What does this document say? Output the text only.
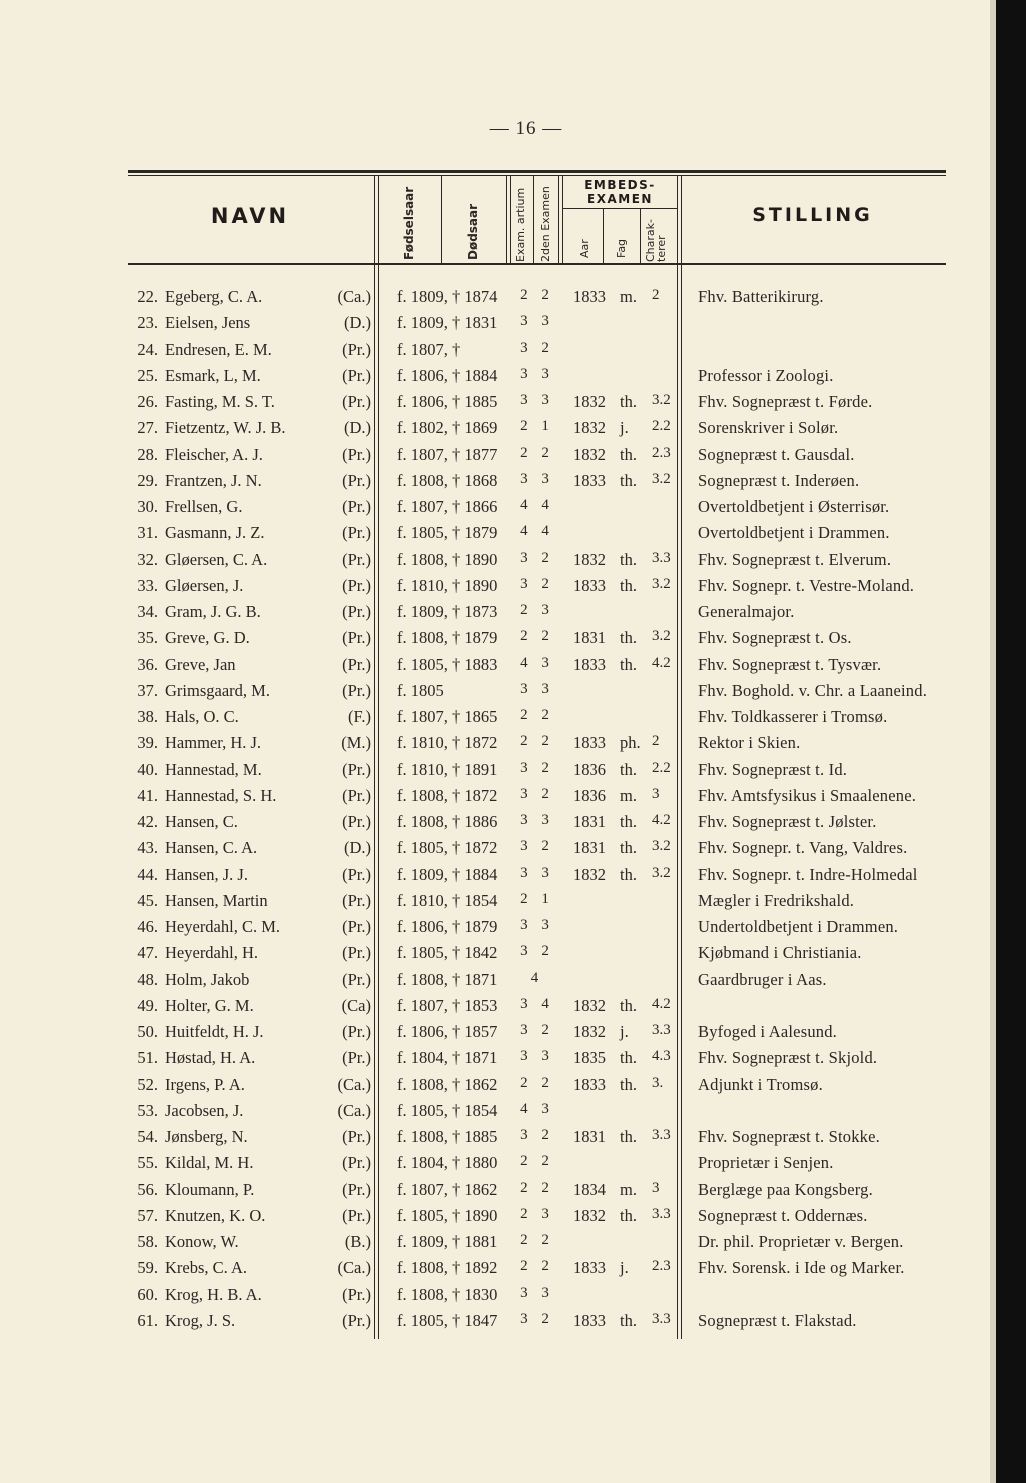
— 16 —
NAVN	STILLING
EMBEDS-EXAMEN
Fødselsaar	Dødsaar	Exam. artium 2den Examen Aar Fag Charak-terer
22. Egeberg, C. A.	(Ca.) f. 1809, † 1874 2 2 1833 m. 2 Fhv. Batterikirurg.
23. Eielsen, Jens	(D.) f. 1809, † 1831 3 3
24. Endresen, E. M.	(Pr.) f. 1807, †	3 2
25. Esmark, L, M.	(Pr.) f. 1806, † 1884 3 3	Professor i Zoologi.
26. Fasting, M. S. T.	(Pr.) f. 1806, † 1885 3 3 1832 th. 3.2 Fhv. Sognepræst t. Førde.
27. Fietzentz, W. J. B.	(D.) f. 1802, † 1869 2 1 1832 j. 2.2 Sorenskriver i Solør.
28. Fleischer, A. J.	(Pr.) f. 1807, † 1877 2 2 1832 th. 2.3 Sognepræst t. Gausdal.
29. Frantzen, J. N.	(Pr.) f. 1808, † 1868 3 3 1833 th. 3.2 Sognepræst t. Inderøen.
30. Frellsen, G.	(Pr.) f. 1807, † 1866 4 4	Overtoldbetjent i Østerrisør.
31. Gasmann, J. Z.	(Pr.) f. 1805, † 1879 4 4	Overtoldbetjent i Drammen.
32. Gløersen, C. A.	(Pr.) f. 1808, † 1890 3 2 1832 th. 3.3 Fhv. Sognepræst t. Elverum.
33. Gløersen, J.	(Pr.) f. 1810, † 1890 3 2 1833 th. 3.2 Fhv. Sognepr. t. Vestre-Moland.
34. Gram, J. G. B.	(Pr.) f. 1809, † 1873 2 3	Generalmajor.
35. Greve, G. D.	(Pr.) f. 1808, † 1879 2 2 1831 th. 3.2 Fhv. Sognepræst t. Os.
36. Greve, Jan	(Pr.) f. 1805, † 1883 4 3 1833 th. 4.2 Fhv. Sognepræst t. Tysvær.
37. Grimsgaard, M.	(Pr.) f. 1805	3 3	Fhv. Boghold. v. Chr. a Laaneind.
38. Hals, O. C.	(F.) f. 1807, † 1865 2 2	Fhv. Toldkasserer i Tromsø.
39. Hammer, H. J.	(M.) f. 1810, † 1872 2 2 1833 ph. 2 Rektor i Skien.
40. Hannestad, M.	(Pr.) f. 1810, † 1891 3 2 1836 th. 2.2 Fhv. Sognepræst t. Id.
41. Hannestad, S. H.	(Pr.) f. 1808, † 1872 3 2 1836 m. 3 Fhv. Amtsfysikus i Smaalenene.
42. Hansen, C.	(Pr.) f. 1808, † 1886 3 3 1831 th. 4.2 Fhv. Sognepræst t. Jølster.
43. Hansen, C. A.	(D.) f. 1805, † 1872 3 2 1831 th. 3.2 Fhv. Sognepr. t. Vang, Valdres.
44. Hansen, J. J.	(Pr.) f. 1809, † 1884 3 3 1832 th. 3.2 Fhv. Sognepr. t. Indre-Holmedal
45. Hansen, Martin	(Pr.) f. 1810, † 1854 2 1	Mægler i Fredrikshald.
46. Heyerdahl, C. M.	(Pr.) f. 1806, † 1879 3 3	Undertoldbetjent i Drammen.
47. Heyerdahl, H.	(Pr.) f. 1805, † 1842 3 2	Kjøbmand i Christiania.
48. Holm, Jakob	(Pr.) f. 1808, † 1871	4	Gaardbruger i Aas.
49. Holter, G. M.	(Ca) f. 1807, † 1853 3 4 1832 th. 4.2
50. Huitfeldt, H. J.	(Pr.) f. 1806, † 1857 3 2 1832 j. 3.3 Byfoged i Aalesund.
51. Høstad, H. A.	(Pr.) f. 1804, † 1871 3 3 1835 th. 4.3 Fhv. Sognepræst t. Skjold.
52. Irgens, P. A.	(Ca.) f. 1808, † 1862 2 2 1833 th. 3. Adjunkt i Tromsø.
53. Jacobsen, J.	(Ca.) f. 1805, † 1854 4 3
54. Jønsberg, N.	(Pr.) f. 1808, † 1885 3 2 1831 th. 3.3 Fhv. Sognepræst t. Stokke.
55. Kildal, M. H.	(Pr.) f. 1804, † 1880 2 2	Proprietær i Senjen.
56. Kloumann, P.	(Pr.) f. 1807, † 1862 2 2 1834 m. 3 Berglæge paa Kongsberg.
57. Knutzen, K. O.	(Pr.) f. 1805, † 1890 2 3 1832 th. 3.3 Sognepræst t. Oddernæs.
58. Konow, W.	(B.) f. 1809, † 1881 2 2	Dr. phil. Proprietær v. Bergen.
59. Krebs, C. A.	(Ca.) f. 1808, † 1892 2 2 1833 j. 2.3 Fhv. Sorensk. i Ide og Marker.
60. Krog, H. B. A.	(Pr.) f. 1808, † 1830 3 3
61. Krog, J. S.	(Pr.) f. 1805, † 1847 3 2 1833 th. 3.3 Sognepræst t. Flakstad.
